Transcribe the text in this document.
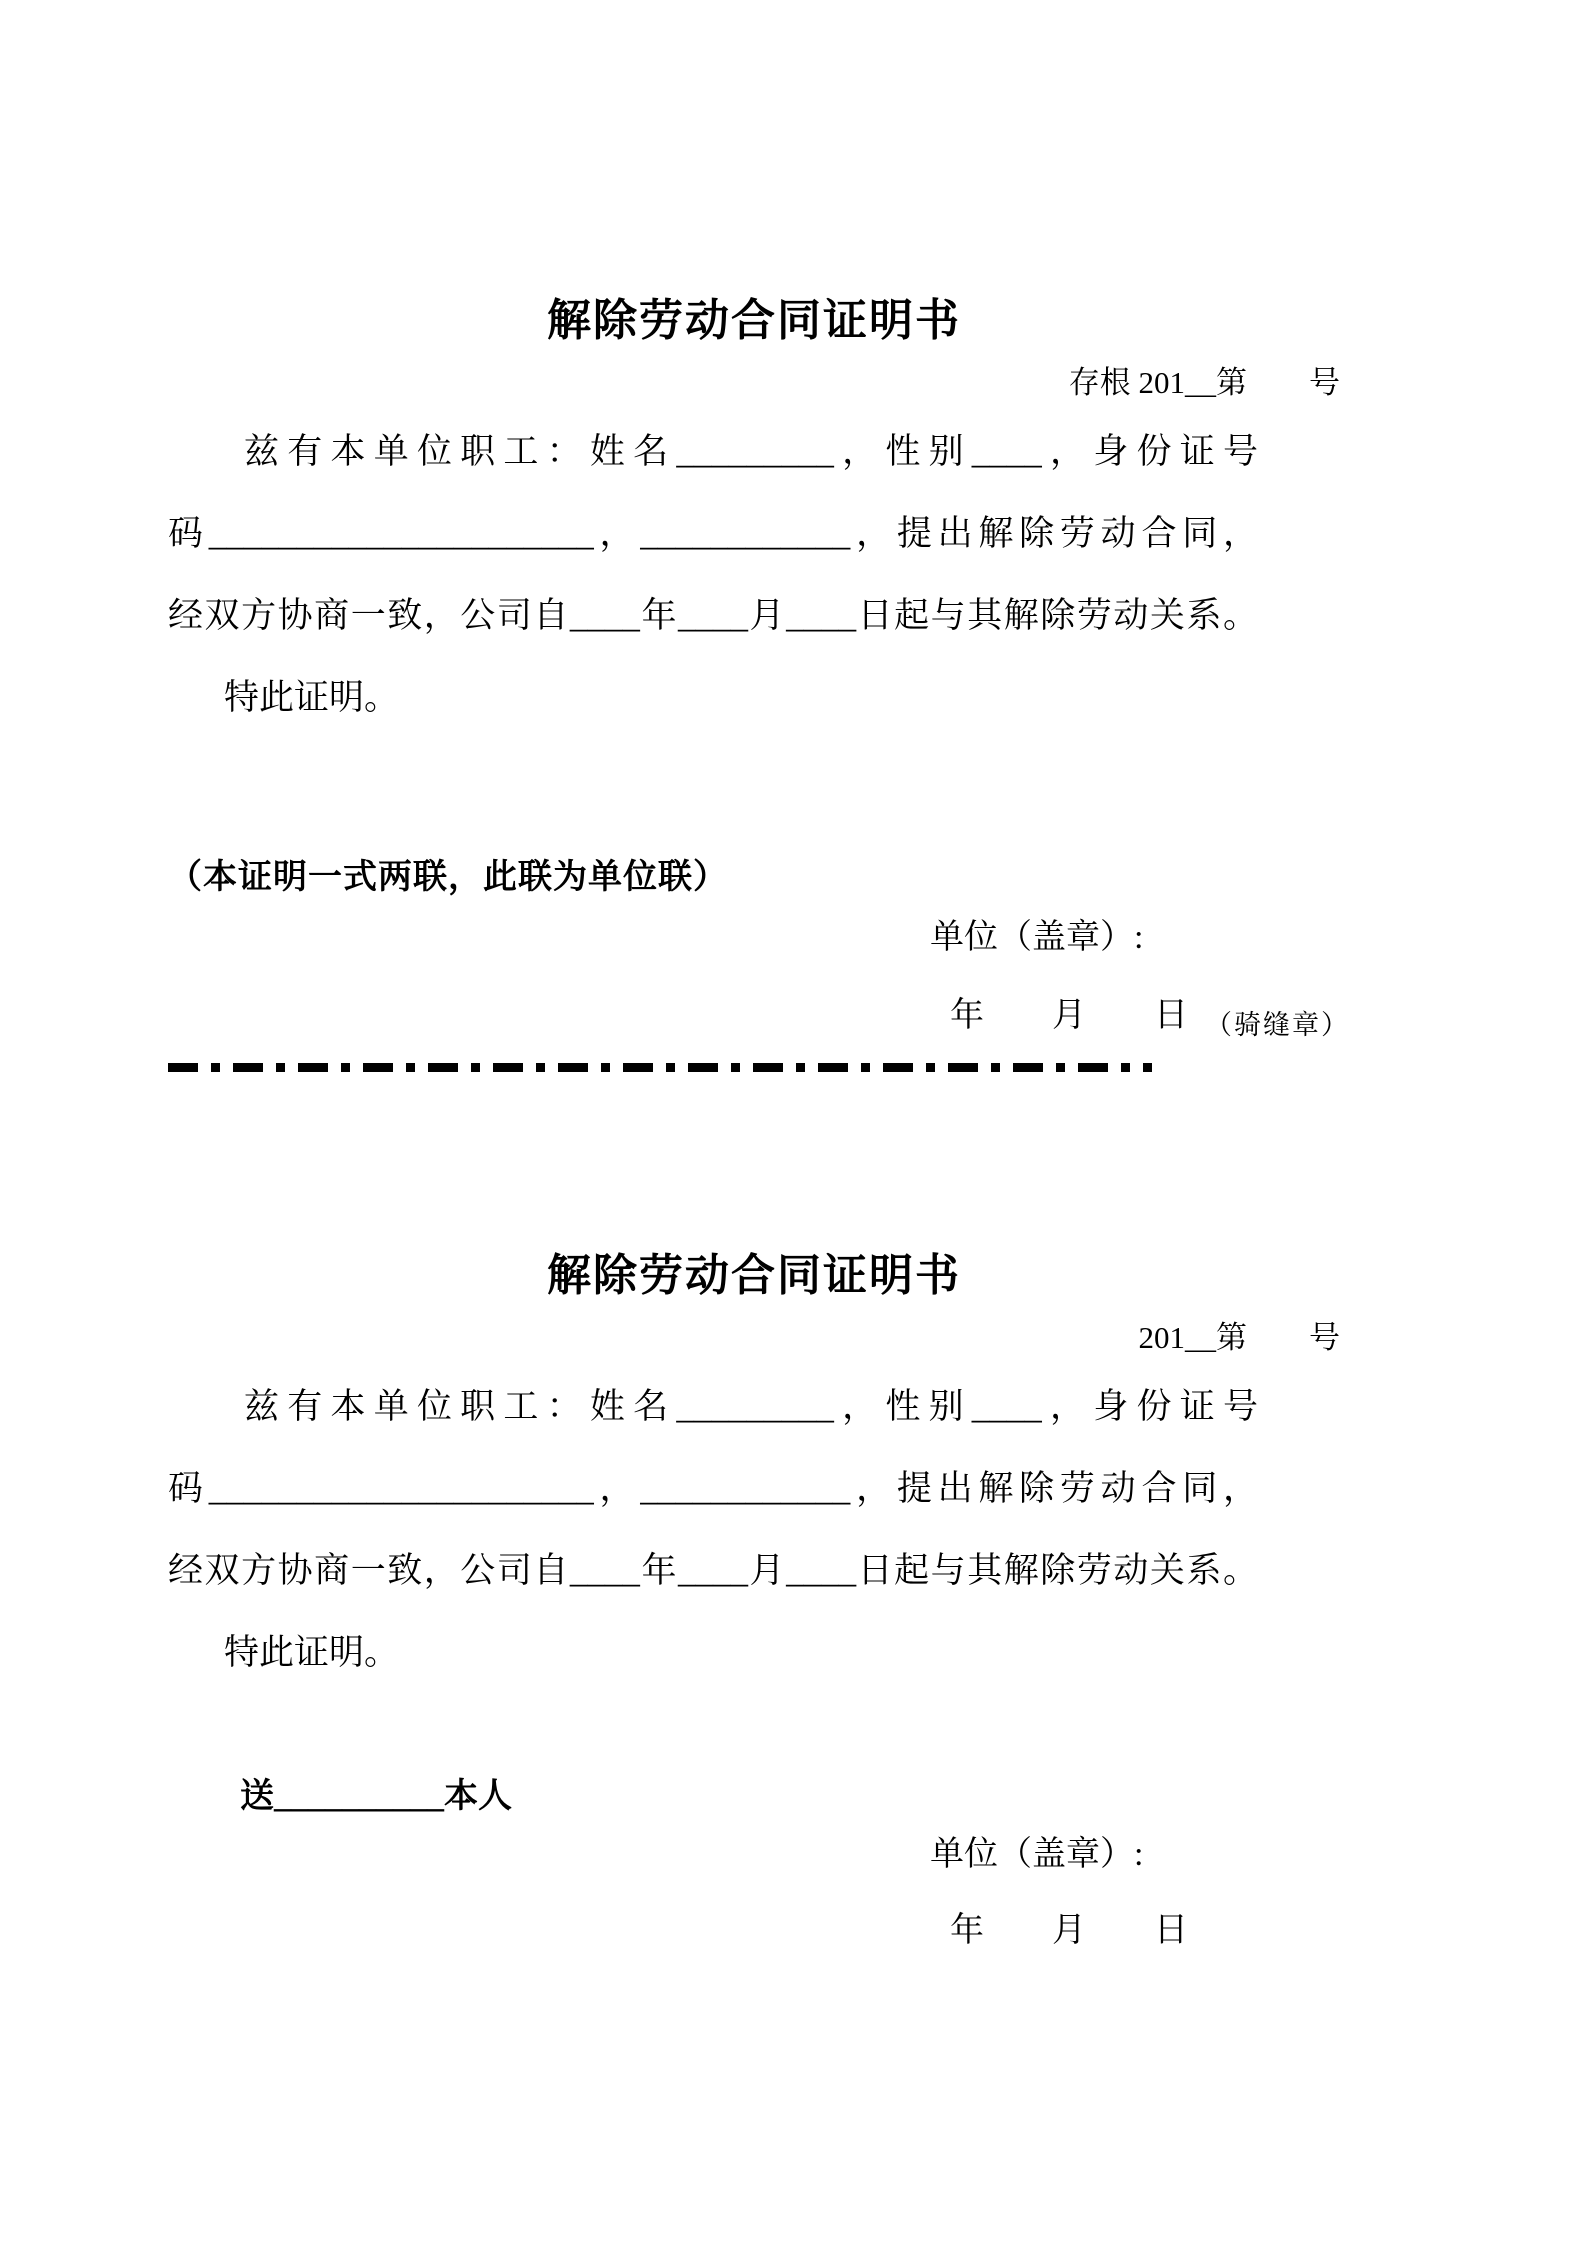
解除劳动合同证明书
存根 201__第　　号
兹有本单位职工：姓名_________，性别____，身份证号
码______________________，____________，提出解除劳动合同，
经双方协商一致，公司自____年____月____日起与其解除劳动关系。
特此证明。
（本证明一式两联，此联为单位联）
单位（盖章）:
年　　月　　日 （骑缝章）
解除劳动合同证明书
201__第　　号
兹有本单位职工：姓名_________，性别____，身份证号
码______________________，____________，提出解除劳动合同，
经双方协商一致，公司自____年____月____日起与其解除劳动关系。
特此证明。
送__________本人
单位（盖章）:
年　　月　　日
